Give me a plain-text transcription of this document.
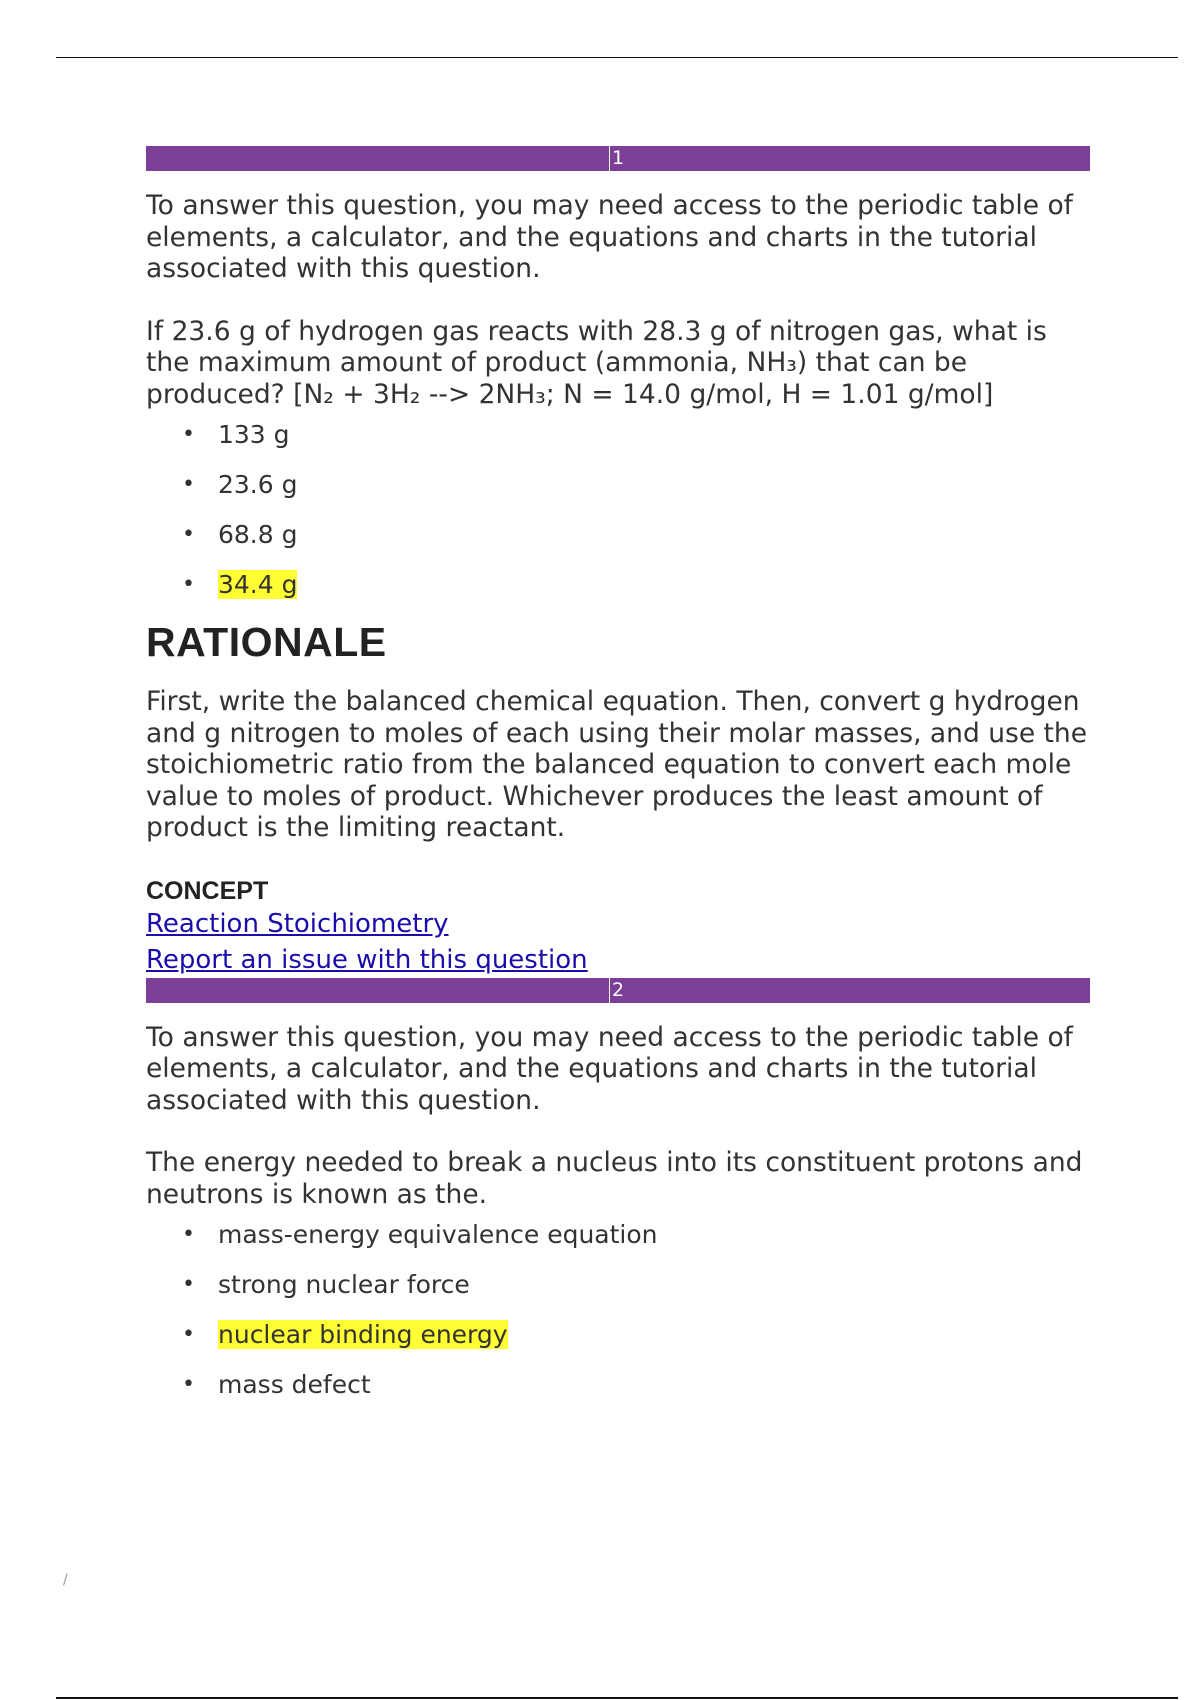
1

To answer this question, you may need access to the periodic table of elements, a calculator, and the equations and charts in the tutorial associated with this question.

If 23.6 g of hydrogen gas reacts with 28.3 g of nitrogen gas, what is the maximum amount of product (ammonia, NH₃) that can be produced? [N₂ + 3H₂ --> 2NH₃; N = 14.0 g/mol, H = 1.01 g/mol]

• 133 g
• 23.6 g
• 68.8 g
• 34.4 g
RATIONALE

First, write the balanced chemical equation. Then, convert g hydrogen and g nitrogen to moles of each using their molar masses, and use the stoichiometric ratio from the balanced equation to convert each mole value to moles of product. Whichever produces the least amount of product is the limiting reactant.

CONCEPT
Reaction Stoichiometry
Report an issue with this question
2

To answer this question, you may need access to the periodic table of elements, a calculator, and the equations and charts in the tutorial associated with this question.

The energy needed to break a nucleus into its constituent protons and neutrons is known as the.

• mass-energy equivalence equation
• strong nuclear force
• nuclear binding energy
• mass defect
/
